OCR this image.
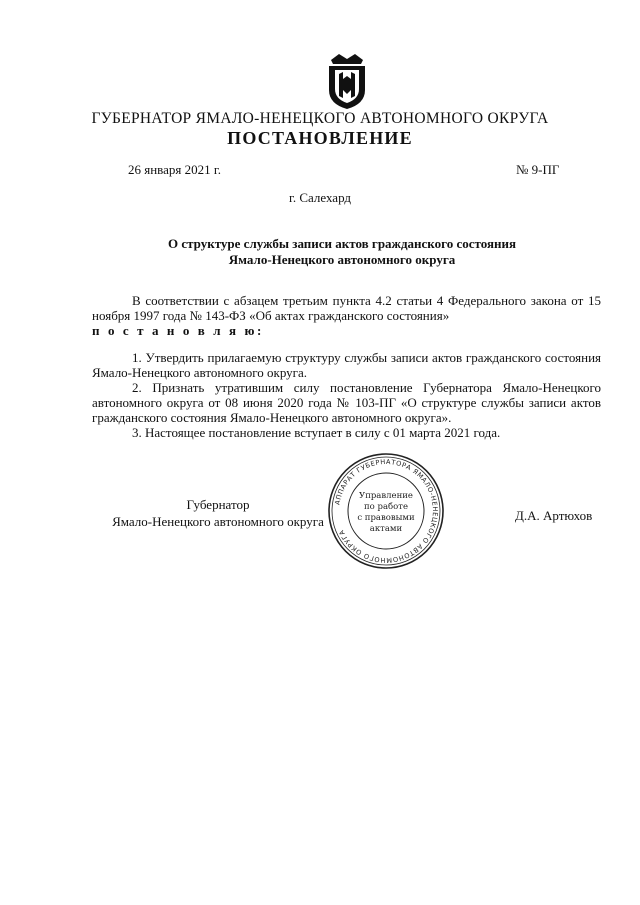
ГУБЕРНАТОР ЯМАЛО-НЕНЕЦКОГО АВТОНОМНОГО ОКРУГА
ПОСТАНОВЛЕНИЕ
26 января 2021 г.	№ 9-ПГ
г. Салехард
О структуре службы записи актов гражданского состояния
Ямало-Ненецкого автономного округа
В соответствии с абзацем третьим пункта 4.2 статьи 4 Федерального закона от 15 ноября 1997 года № 143-ФЗ «Об актах гражданского состояния»
п о с т а н о в л я ю:
1. Утвердить прилагаемую структуру службы записи актов гражданского состояния Ямало-Ненецкого автономного округа.
2. Признать утратившим силу постановление Губернатора Ямало-Ненецкого автономного округа от 08 июня 2020 года № 103-ПГ «О структуре службы записи актов гражданского состояния Ямало-Ненецкого автономного округа».
3. Настоящее постановление вступает в силу с 01 марта 2021 года.
Губернатор
Ямало-Ненецкого автономного округа	Д.А. Артюхов
АППАРАТ ГУБЕРНАТОРА ЯМАЛО-НЕНЕЦКОГО АВТОНОМНОГО ОКРУГА
Управление
по работе
с правовыми
актами
